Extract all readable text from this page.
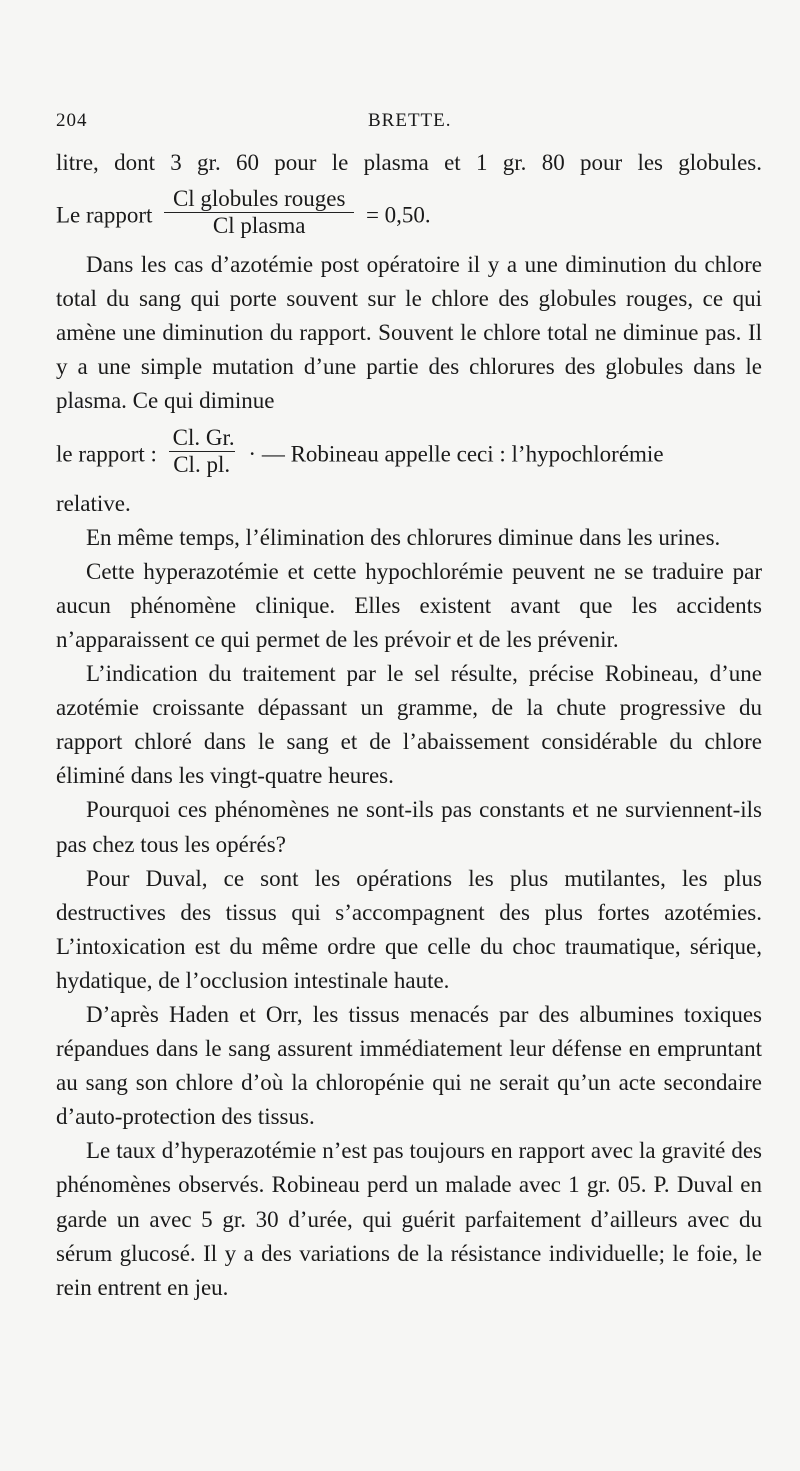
204	BRETTE.

litre, dont 3 gr. 60 pour le plasma et 1 gr. 80 pour les globules.

Le rapport $\frac{\text{Cl globules rouges}}{\text{Cl plasma}} = 0,50$.

Dans les cas d’azotémie post opératoire il y a une diminution du chlore total du sang qui porte souvent sur le chlore des globules rouges, ce qui amène une diminution du rapport. Souvent le chlore total ne diminue pas. Il y a une simple mutation d’une partie des chlorures des globules dans le plasma. Ce qui diminue

le rapport : $\frac{Cl. Gr.}{Cl. pl.}$ · — Robineau appelle ceci : l’hypochlorémie

relative.

En même temps, l’élimination des chlorures diminue dans les urines.

Cette hyperazotémie et cette hypochlorémie peuvent ne se traduire par aucun phénomène clinique. Elles existent avant que les accidents n’apparaissent ce qui permet de les prévoir et de les prévenir.

L’indication du traitement par le sel résulte, précise Robineau, d’une azotémie croissante dépassant un gramme, de la chute progressive du rapport chloré dans le sang et de l’abaissement considérable du chlore éliminé dans les vingt-quatre heures.

Pourquoi ces phénomènes ne sont-ils pas constants et ne surviennent-ils pas chez tous les opérés?

Pour Duval, ce sont les opérations les plus mutilantes, les plus destructives des tissus qui s’accompagnent des plus fortes azotémies. L’intoxication est du même ordre que celle du choc traumatique, sérique, hydatique, de l’occlusion intestinale haute.

D’après Haden et Orr, les tissus menacés par des albumines toxiques répandues dans le sang assurent immédiatement leur défense en empruntant au sang son chlore d’où la chloropénie qui ne serait qu’un acte secondaire d’auto-protection des tissus.

Le taux d’hyperazotémie n’est pas toujours en rapport avec la gravité des phénomènes observés. Robineau perd un malade avec 1 gr. 05. P. Duval en garde un avec 5 gr. 30 d’urée, qui guérit parfaitement d’ailleurs avec du sérum glucosé. Il y a des variations de la résistance individuelle; le foie, le rein entrent en jeu.
